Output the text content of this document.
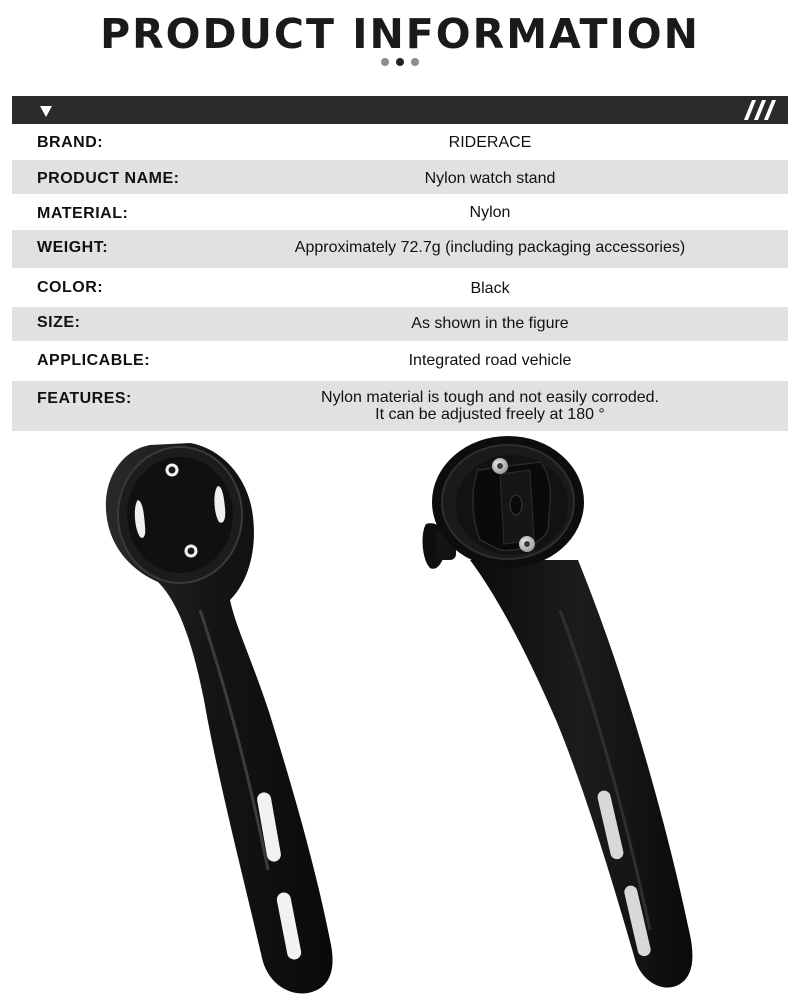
PRODUCT INFORMATION
BRAND:	RIDERACE
PRODUCT NAME:	Nylon watch stand
MATERIAL:	Nylon
WEIGHT:	Approximately 72.7g (including packaging accessories)
COLOR:	Black
SIZE:	As shown in the figure
APPLICABLE:	Integrated road vehicle
FEATURES:	Nylon material is tough and not easily corroded.
It can be adjusted freely at 180 °
